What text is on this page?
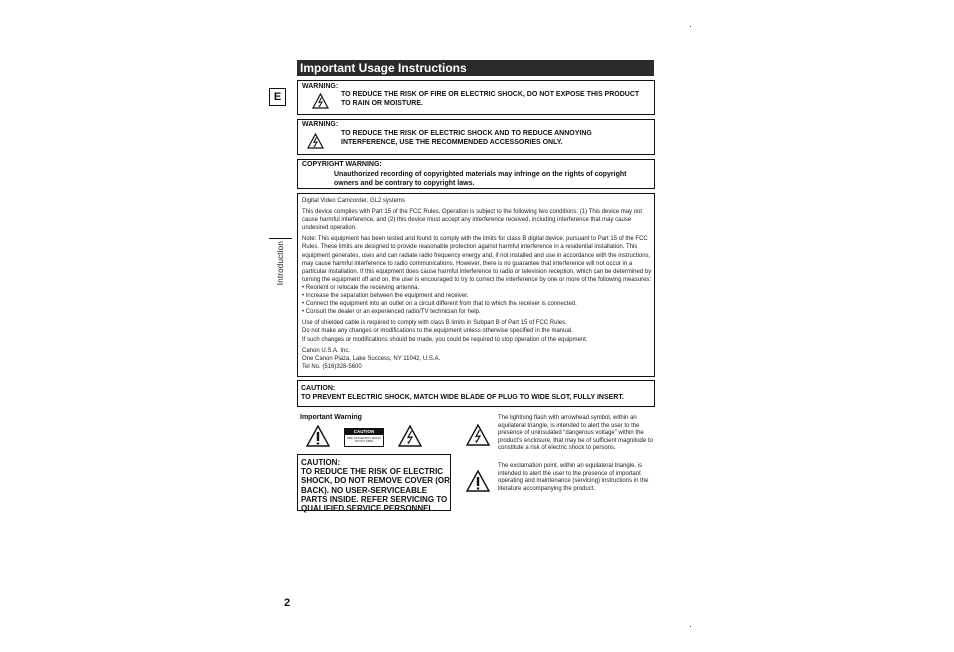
E
Introduction
2
Important Usage Instructions
WARNING:
TO REDUCE THE RISK OF FIRE OR ELECTRIC SHOCK, DO NOT EXPOSE THIS PRODUCT TO RAIN OR MOISTURE.
WARNING:
TO REDUCE THE RISK OF ELECTRIC SHOCK AND TO REDUCE ANNOYING INTERFERENCE, USE THE RECOMMENDED ACCESSORIES ONLY.
COPYRIGHT WARNING:
Unauthorized recording of copyrighted materials may infringe on the rights of copyright owners and be contrary to copyright laws.

Digital Video Camcorder, GL2 systems

This device complies with Part 15 of the FCC Rules. Operation is subject to the following two conditions: (1) This device may not cause harmful interference, and (2) this device must accept any interference received, including interference that may cause undesired operation.

Note: This equipment has been tested and found to comply with the limits for class B digital device, pursuant to Part 15 of the FCC Rules. These limits are designed to provide reasonable protection against harmful interference in a residential installation. This equipment generates, uses and can radiate radio frequency energy and, if not installed and use in accordance with the instructions, may cause harmful interference to radio communications. However, there is no guarantee that interference will not occur in a particular installation. If this equipment does cause harmful interference to radio or television reception, which can be determined by turning the equipment off and on, the user is encouraged to try to correct the interference by one or more of the following measures:

• Reorient or relocate the receiving antenna.
• Increase the separation between the equipment and receiver.
• Connect the equipment into an outlet on a circuit different from that to which the receiver is connected.
• Consult the dealer or an experienced radio/TV technician for help.
Use of shielded cable is required to comply with class B limits in Subpart B of Part 15 of FCC Rules.
Do not make any changes or modifications to the equipment unless otherwise specified in the manual.
If such changes or modifications should be made, you could be required to stop operation of the equipment.
Canon U.S.A. Inc.
One Canon Plaza, Lake Success, NY 11042, U.S.A.
Tel No. (516)328-5600
CAUTION:
TO PREVENT ELECTRIC SHOCK, MATCH WIDE BLADE OF PLUG TO WIDE SLOT, FULLY INSERT.
Important Warning
CAUTION
RISK OF ELECTRIC SHOCK DO NOT OPEN
CAUTION:
TO REDUCE THE RISK OF ELECTRIC SHOCK, DO NOT REMOVE COVER (OR BACK). NO USER-SERVICEABLE PARTS INSIDE. REFER SERVICING TO QUALIFIED SERVICE PERSONNEL.
The lightning flash with arrowhead symbol, within an equilateral triangle, is intended to alert the user to the presence of uninsulated “dangerous voltage” within the product’s enclosure, that may be of sufficient magnitude to constitute a risk of electric shock to persons.
The exclamation point, within an equilateral triangle, is intended to alert the user to the presence of important operating and maintenance (servicing) instructions in the literature accompanying the product.
